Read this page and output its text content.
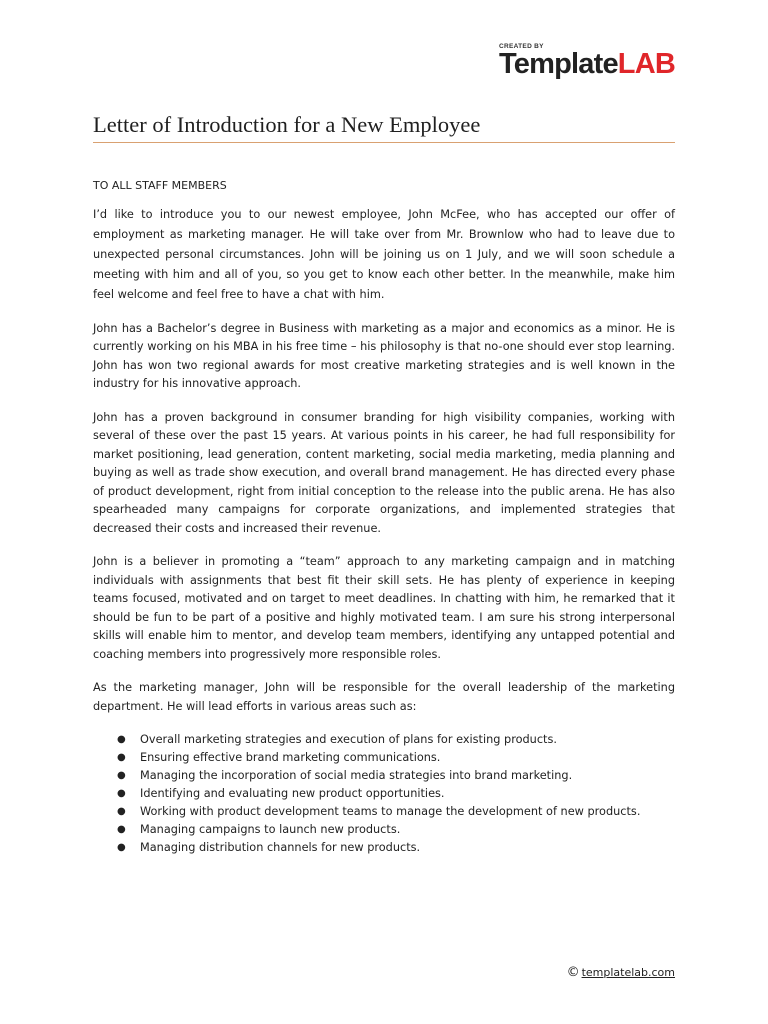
CREATED BY
TemplateLAB
Letter of Introduction for a New Employee

TO ALL STAFF MEMBERS

I’d like to introduce you to our newest employee, John McFee, who has accepted our offer of employment as marketing manager. He will take over from Mr. Brownlow who had to leave due to unexpected personal circumstances. John will be joining us on 1 July, and we will soon schedule a meeting with him and all of you, so you get to know each other better. In the meanwhile, make him feel welcome and feel free to have a chat with him.

John has a Bachelor’s degree in Business with marketing as a major and economics as a minor. He is currently working on his MBA in his free time – his philosophy is that no-one should ever stop learning. John has won two regional awards for most creative marketing strategies and is well known in the industry for his innovative approach.

John has a proven background in consumer branding for high visibility companies, working with several of these over the past 15 years. At various points in his career, he had full responsibility for market positioning, lead generation, content marketing, social media marketing, media planning and buying as well as trade show execution, and overall brand management. He has directed every phase of product development, right from initial conception to the release into the public arena. He has also spearheaded many campaigns for corporate organizations, and implemented strategies that decreased their costs and increased their revenue.

John is a believer in promoting a “team” approach to any marketing campaign and in matching individuals with assignments that best fit their skill sets. He has plenty of experience in keeping teams focused, motivated and on target to meet deadlines. In chatting with him, he remarked that it should be fun to be part of a positive and highly motivated team. I am sure his strong interpersonal skills will enable him to mentor, and develop team members, identifying any untapped potential and coaching members into progressively more responsible roles.

As the marketing manager, John will be responsible for the overall leadership of the marketing department. He will lead efforts in various areas such as:

● Overall marketing strategies and execution of plans for existing products.
● Ensuring effective brand marketing communications.
● Managing the incorporation of social media strategies into brand marketing.
● Identifying and evaluating new product opportunities.
● Working with product development teams to manage the development of new products.
● Managing campaigns to launch new products.
● Managing distribution channels for new products.
© templatelab.com
